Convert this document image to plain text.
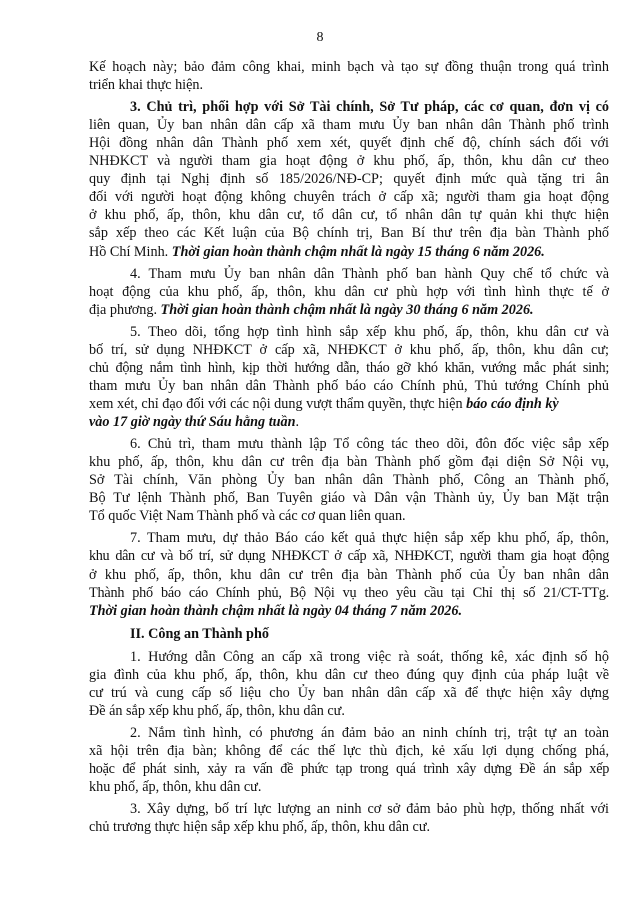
8
Kế hoạch này; bảo đảm công khai, minh bạch và tạo sự đồng thuận trong quá trình
triển khai thực hiện.
3. Chủ trì, phối hợp với Sở Tài chính, Sở Tư pháp, các cơ quan, đơn vị có
liên quan, Ủy ban nhân dân cấp xã tham mưu Ủy ban nhân dân Thành phố trình
Hội đồng nhân dân Thành phố xem xét, quyết định chế độ, chính sách đối với
NHĐKCT và người tham gia hoạt động ở khu phố, ấp, thôn, khu dân cư theo
quy định tại Nghị định số 185/2026/NĐ-CP; quyết định mức quà tặng tri ân
đối với người hoạt động không chuyên trách ở cấp xã; người tham gia hoạt động
ở khu phố, ấp, thôn, khu dân cư, tổ dân cư, tổ nhân dân tự quản khi thực hiện
sắp xếp theo các Kết luận của Bộ chính trị, Ban Bí thư trên địa bàn Thành phố
Hồ Chí Minh. Thời gian hoàn thành chậm nhất là ngày 15 tháng 6 năm 2026.
4. Tham mưu Ủy ban nhân dân Thành phố ban hành Quy chế tổ chức và
hoạt động của khu phố, ấp, thôn, khu dân cư phù hợp với tình hình thực tế ở
địa phương. Thời gian hoàn thành chậm nhất là ngày 30 tháng 6 năm 2026.
5. Theo dõi, tổng hợp tình hình sắp xếp khu phố, ấp, thôn, khu dân cư và
bố trí, sử dụng NHĐKCT ở cấp xã, NHĐKCT ở khu phố, ấp, thôn, khu dân cư;
chủ động nắm tình hình, kịp thời hướng dẫn, tháo gỡ khó khăn, vướng mắc phát sinh;
tham mưu Ủy ban nhân dân Thành phố báo cáo Chính phủ, Thủ tướng Chính phủ
xem xét, chỉ đạo đối với các nội dung vượt thẩm quyền, thực hiện báo cáo định kỳ
vào 17 giờ ngày thứ Sáu hằng tuần.
6. Chủ trì, tham mưu thành lập Tổ công tác theo dõi, đôn đốc việc sắp xếp
khu phố, ấp, thôn, khu dân cư trên địa bàn Thành phố gồm đại diện Sở Nội vụ,
Sở Tài chính, Văn phòng Ủy ban nhân dân Thành phố, Công an Thành phố,
Bộ Tư lệnh Thành phố, Ban Tuyên giáo và Dân vận Thành ủy, Ủy ban Mặt trận
Tổ quốc Việt Nam Thành phố và các cơ quan liên quan.
7. Tham mưu, dự thảo Báo cáo kết quả thực hiện sắp xếp khu phố, ấp, thôn,
khu dân cư và bố trí, sử dụng NHĐKCT ở cấp xã, NHĐKCT, người tham gia hoạt động
ở khu phố, ấp, thôn, khu dân cư trên địa bàn Thành phố của Ủy ban nhân dân
Thành phố báo cáo Chính phủ, Bộ Nội vụ theo yêu cầu tại Chỉ thị số 21/CT-TTg.
Thời gian hoàn thành chậm nhất là ngày 04 tháng 7 năm 2026.
II. Công an Thành phố
1. Hướng dẫn Công an cấp xã trong việc rà soát, thống kê, xác định số hộ
gia đình của khu phố, ấp, thôn, khu dân cư theo đúng quy định của pháp luật về
cư trú và cung cấp số liệu cho Ủy ban nhân dân cấp xã để thực hiện xây dựng
Đề án sắp xếp khu phố, ấp, thôn, khu dân cư.
2. Nắm tình hình, có phương án đảm bảo an ninh chính trị, trật tự an toàn
xã hội trên địa bàn; không để các thế lực thù địch, kẻ xấu lợi dụng chống phá,
hoặc để phát sinh, xảy ra vấn đề phức tạp trong quá trình xây dựng Đề án sắp xếp
khu phố, ấp, thôn, khu dân cư.
3. Xây dựng, bố trí lực lượng an ninh cơ sở đảm bảo phù hợp, thống nhất với
chủ trương thực hiện sắp xếp khu phố, ấp, thôn, khu dân cư.
